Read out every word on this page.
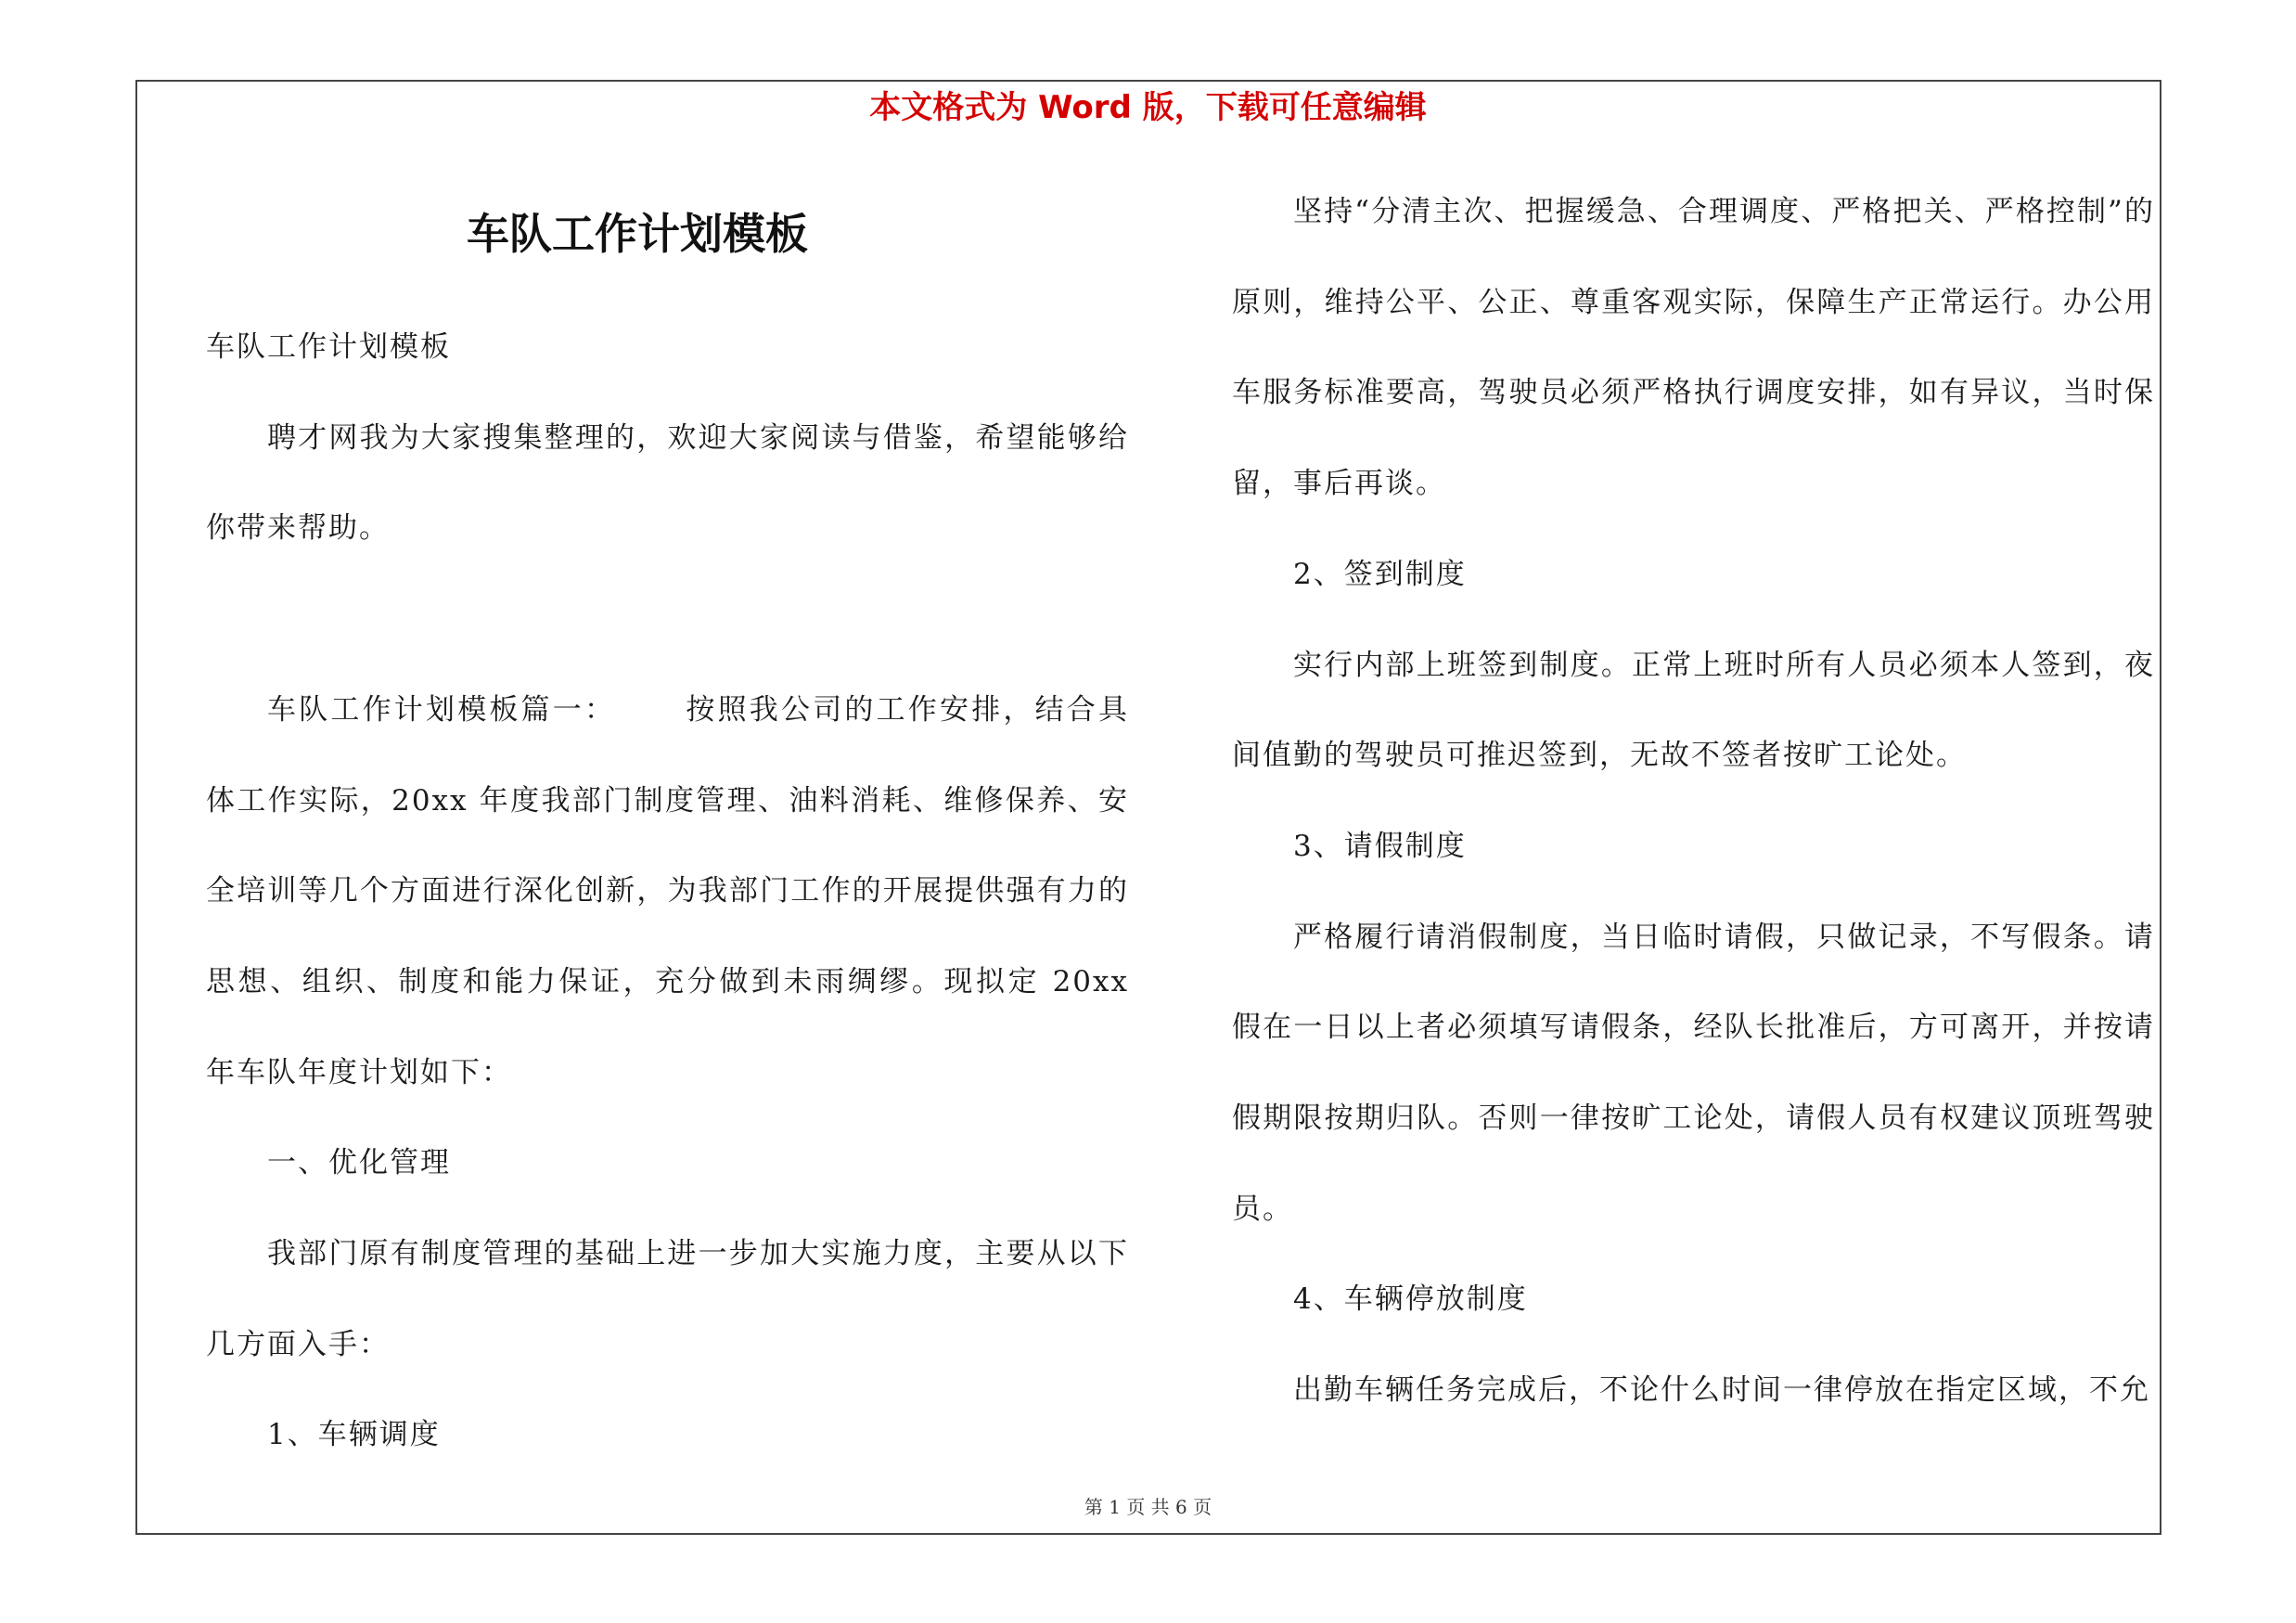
本文格式为 Word 版，下载可任意编辑
车队工作计划模板

车队工作计划模板

聘才网我为大家搜集整理的，欢迎大家阅读与借鉴，希望能够给你带来帮助。

车队工作计划模板篇一： 按照我公司的工作安排，结合具体工作实际，20xx 年度我部门制度管理、油料消耗、维修保养、安全培训等几个方面进行深化创新，为我部门工作的开展提供强有力的思想、组织、制度和能力保证，充分做到未雨绸缪。现拟定 20xx 年车队年度计划如下：

一、优化管理

我部门原有制度管理的基础上进一步加大实施力度，主要从以下几方面入手：

1、车辆调度

坚持“分清主次、把握缓急、合理调度、严格把关、严格控制”的原则，维持公平、公正、尊重客观实际，保障生产正常运行。办公用车服务标准要高，驾驶员必须严格执行调度安排，如有异议，当时保留，事后再谈。

2、签到制度

实行内部上班签到制度。正常上班时所有人员必须本人签到，夜间值勤的驾驶员可推迟签到，无故不签者按旷工论处。

3、请假制度

严格履行请消假制度，当日临时请假，只做记录，不写假条。请假在一日以上者必须填写请假条，经队长批准后，方可离开，并按请假期限按期归队。否则一律按旷工论处，请假人员有权建议顶班驾驶员。

4、车辆停放制度

出勤车辆任务完成后，不论什么时间一律停放在指定区域，不允

第 1 页 共 6 页
